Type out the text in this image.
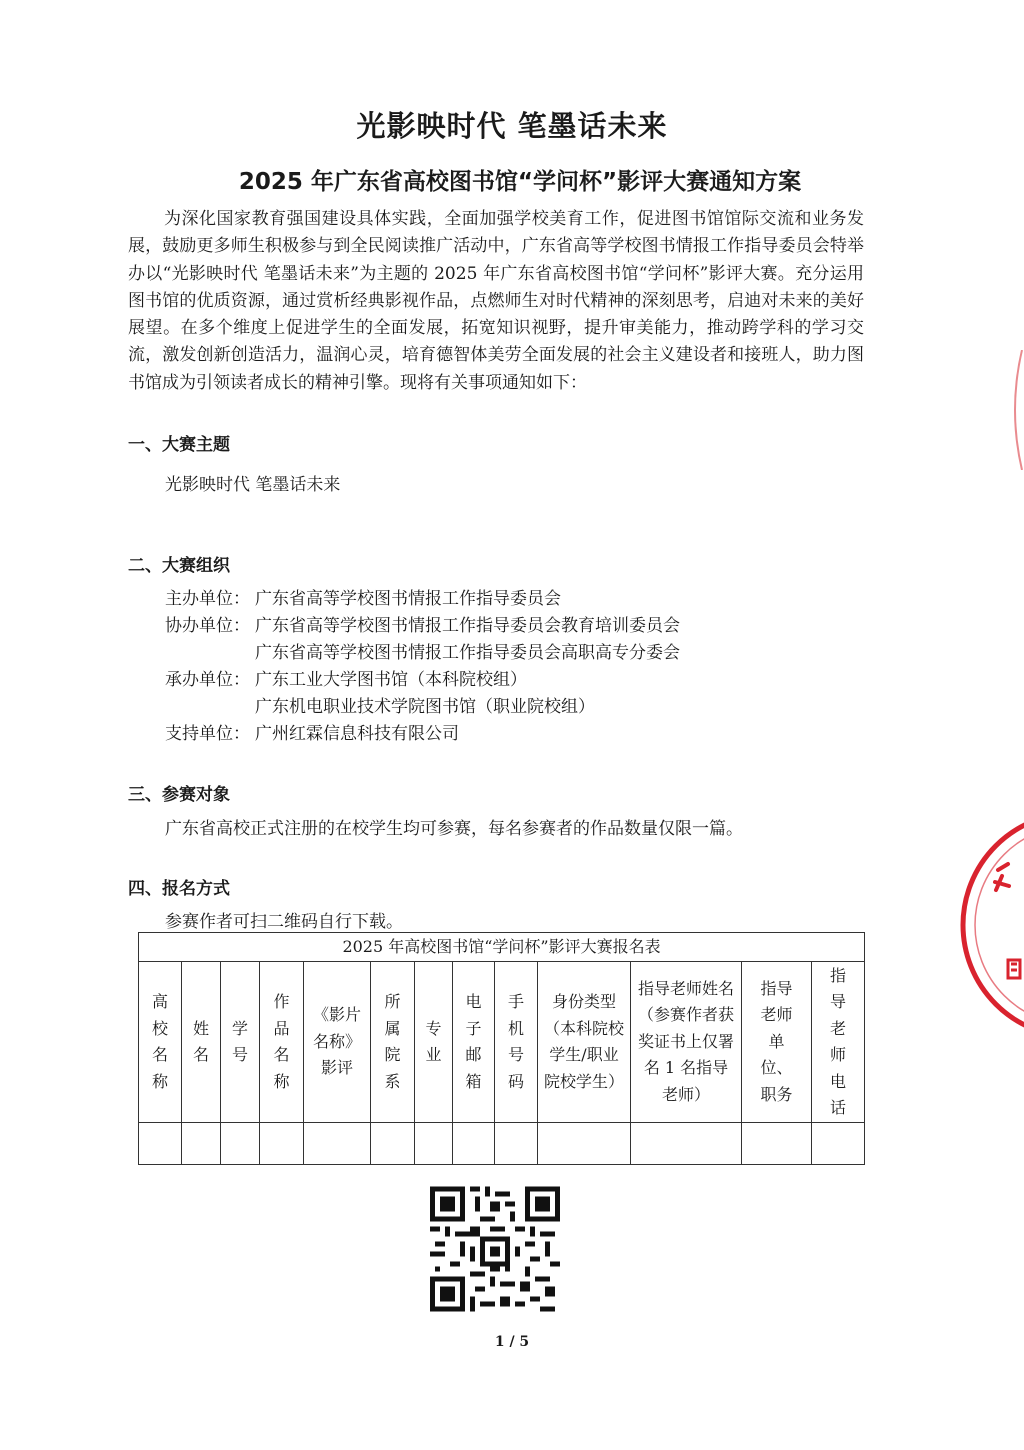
光影映时代 笔墨话未来
2025 年广东省高校图书馆“学问杯”影评大赛通知方案
为深化国家教育强国建设具体实践，全面加强学校美育工作，促进图书馆馆际交流和业务发展，鼓励更多师生积极参与到全民阅读推广活动中，广东省高等学校图书情报工作指导委员会特举办以“光影映时代 笔墨话未来”为主题的 2025 年广东省高校图书馆“学问杯”影评大赛。充分运用图书馆的优质资源，通过赏析经典影视作品，点燃师生对时代精神的深刻思考，启迪对未来的美好展望。在多个维度上促进学生的全面发展，拓宽知识视野，提升审美能力，推动跨学科的学习交流，激发创新创造活力，温润心灵，培育德智体美劳全面发展的社会主义建设者和接班人，助力图书馆成为引领读者成长的精神引擎。现将有关事项通知如下：
一、大赛主题
光影映时代 笔墨话未来
二、大赛组织
主办单位： 广东省高等学校图书情报工作指导委员会
协办单位： 广东省高等学校图书情报工作指导委员会教育培训委员会
广东省高等学校图书情报工作指导委员会高职高专分委会
承办单位： 广东工业大学图书馆（本科院校组）
广东机电职业技术学院图书馆（职业院校组）
支持单位： 广州红霖信息科技有限公司
三、参赛对象
广东省高校正式注册的在校学生均可参赛，每名参赛者的作品数量仅限一篇。
四、报名方式
参赛作者可扫二维码自行下载。
2025 年高校图书馆“学问杯”影评大赛报名表												
高校名称	姓名	学号	作品名称	《影片名称》影评	所属院系	专业	电子邮箱	手机号码	身份类型（本科院校学生/职业院校学生）	指导老师姓名（参赛作者获奖证书上仅署名 1 名指导老师）	指导老师单位、职务	指导老师电话

1 / 5
